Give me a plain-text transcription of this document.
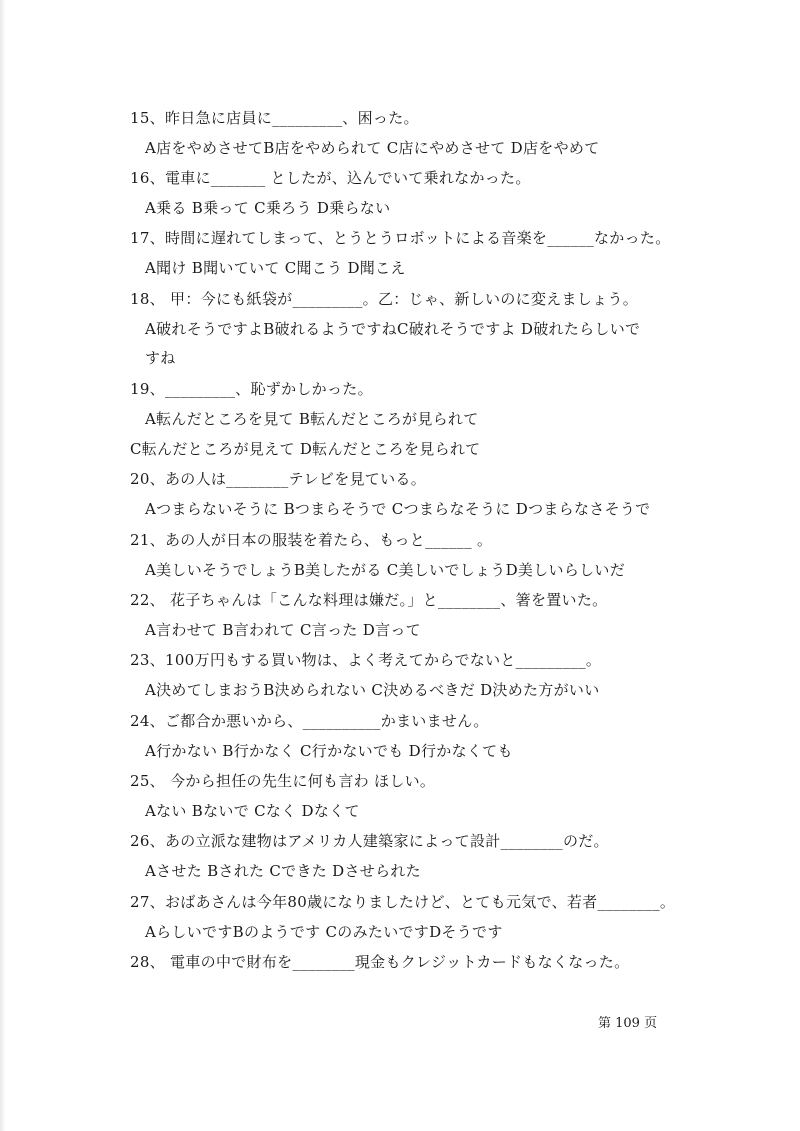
15、昨日急に店員に_________、困った。
A店をやめさせてB店をやめられて C店にやめさせて D店をやめて
16、電車に_______ としたが、込んでいて乗れなかった。
A乗る B乗って C乗ろう D乗らない
17、時間に遅れてしまって、とうとうロボットによる音楽を______なかった。
A聞け B聞いていて C聞こう D聞こえ
18、 甲：今にも紙袋が_________。乙：じゃ、新しいのに変えましょう。
A破れそうですよB破れるようですねC破れそうですよ D破れたらしいで
すね
19、_________、恥ずかしかった。
A転んだところを見て B転んだところが見られて
C転んだところが見えて D転んだところを見られて
20、あの人は________テレビを見ている。
Aつまらないそうに Bつまらそうで Cつまらなそうに Dつまらなさそうで
21、あの人が日本の服装を着たら、もっと______ 。
A美しいそうでしょうB美したがる C美しいでしょうD美しいらしいだ
22、 花子ちゃんは「こんな料理は嫌だ。」と________、箸を置いた。
A言わせて B言われて C言った D言って
23、100万円もする買い物は、よく考えてからでないと_________。
A決めてしまおうB決められない C決めるべきだ D決めた方がいい
24、ご都合か悪いから、__________かまいません。
A行かない B行かなく C行かないでも D行かなくても
25、 今から担任の先生に何も言わ ほしい。
Aない Bないで Cなく Dなくて
26、あの立派な建物はアメリカ人建築家によって設計________のだ。
Aさせた Bされた Cできた Dさせられた
27、おばあさんは今年80歳になりましたけど、とても元気で、若者________。
AらしいですBのようです CのみたいですDそうです
28、 電車の中で財布を________現金もクレジットカードもなくなった。
第 109 页
